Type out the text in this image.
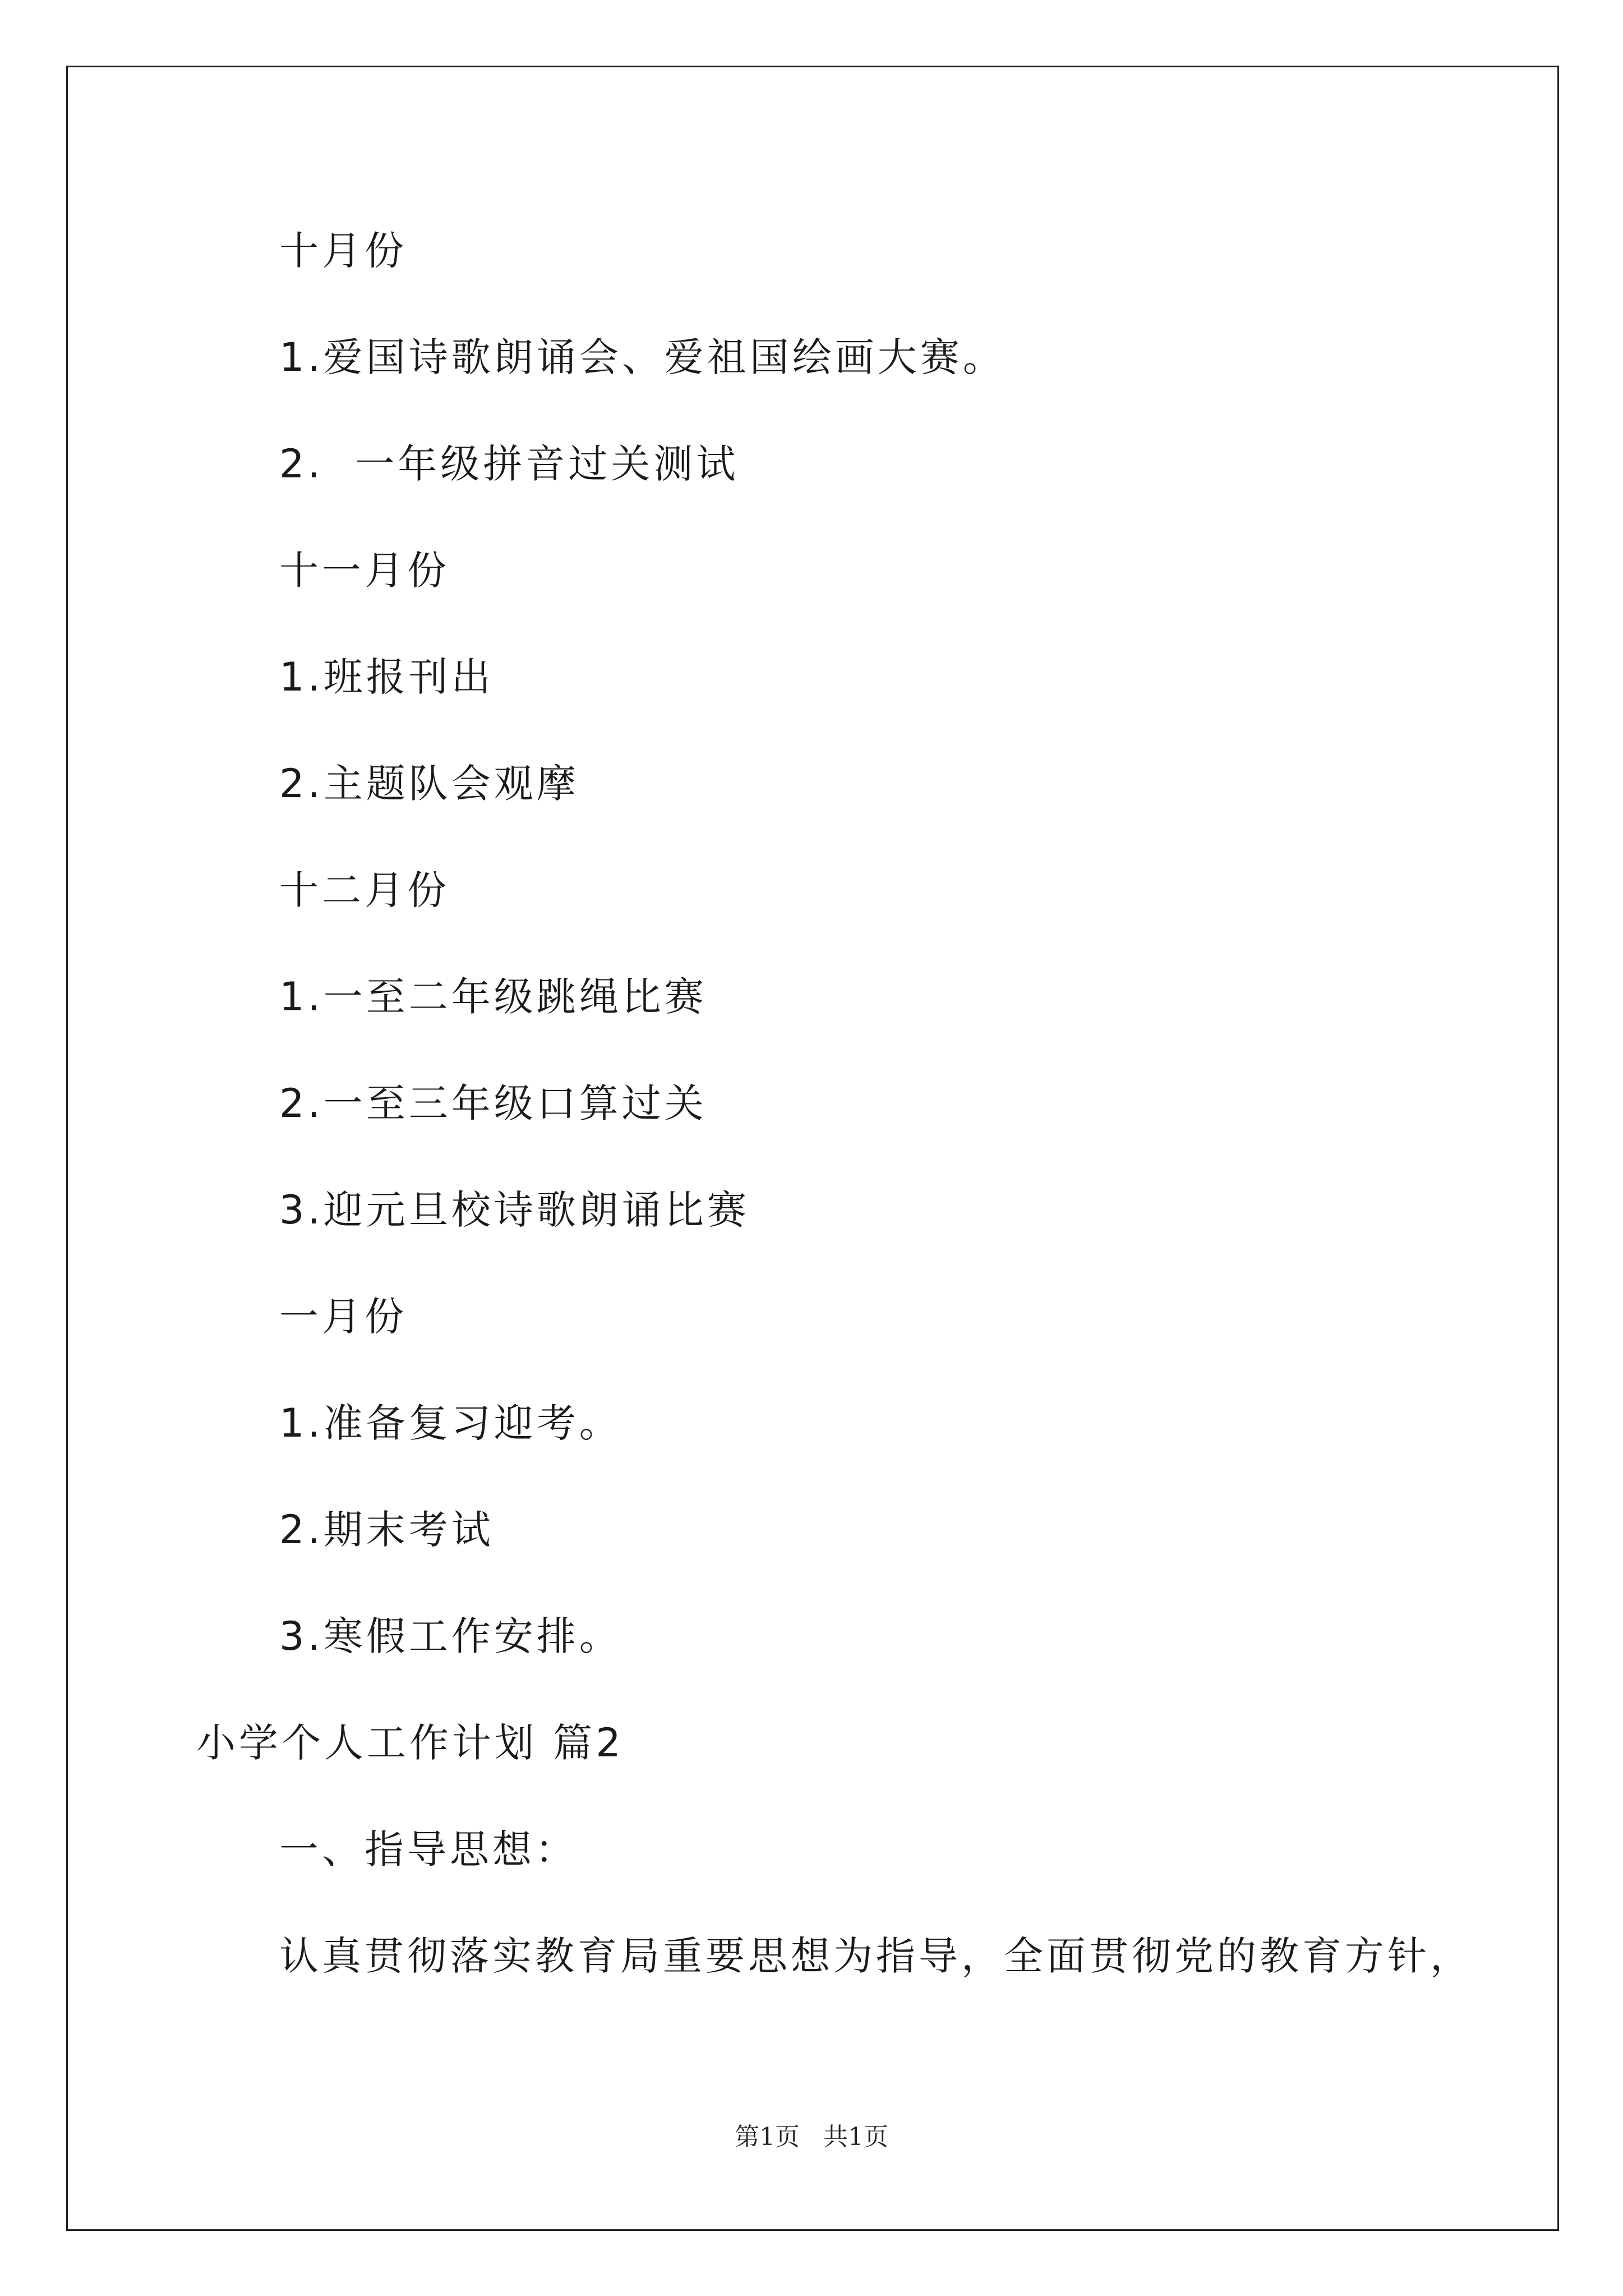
十月份
1.爱国诗歌朗诵会、爱祖国绘画大赛。
2.  一年级拼音过关测试
十一月份
1.班报刊出
2.主题队会观摩
十二月份
1.一至二年级跳绳比赛
2.一至三年级口算过关
3.迎元旦校诗歌朗诵比赛
一月份
1.准备复习迎考。
2.期末考试
3.寒假工作安排。
小学个人工作计划 篇2
一、指导思想：
认真贯彻落实教育局重要思想为指导，全面贯彻党的教育方针，
第1页   共1页
